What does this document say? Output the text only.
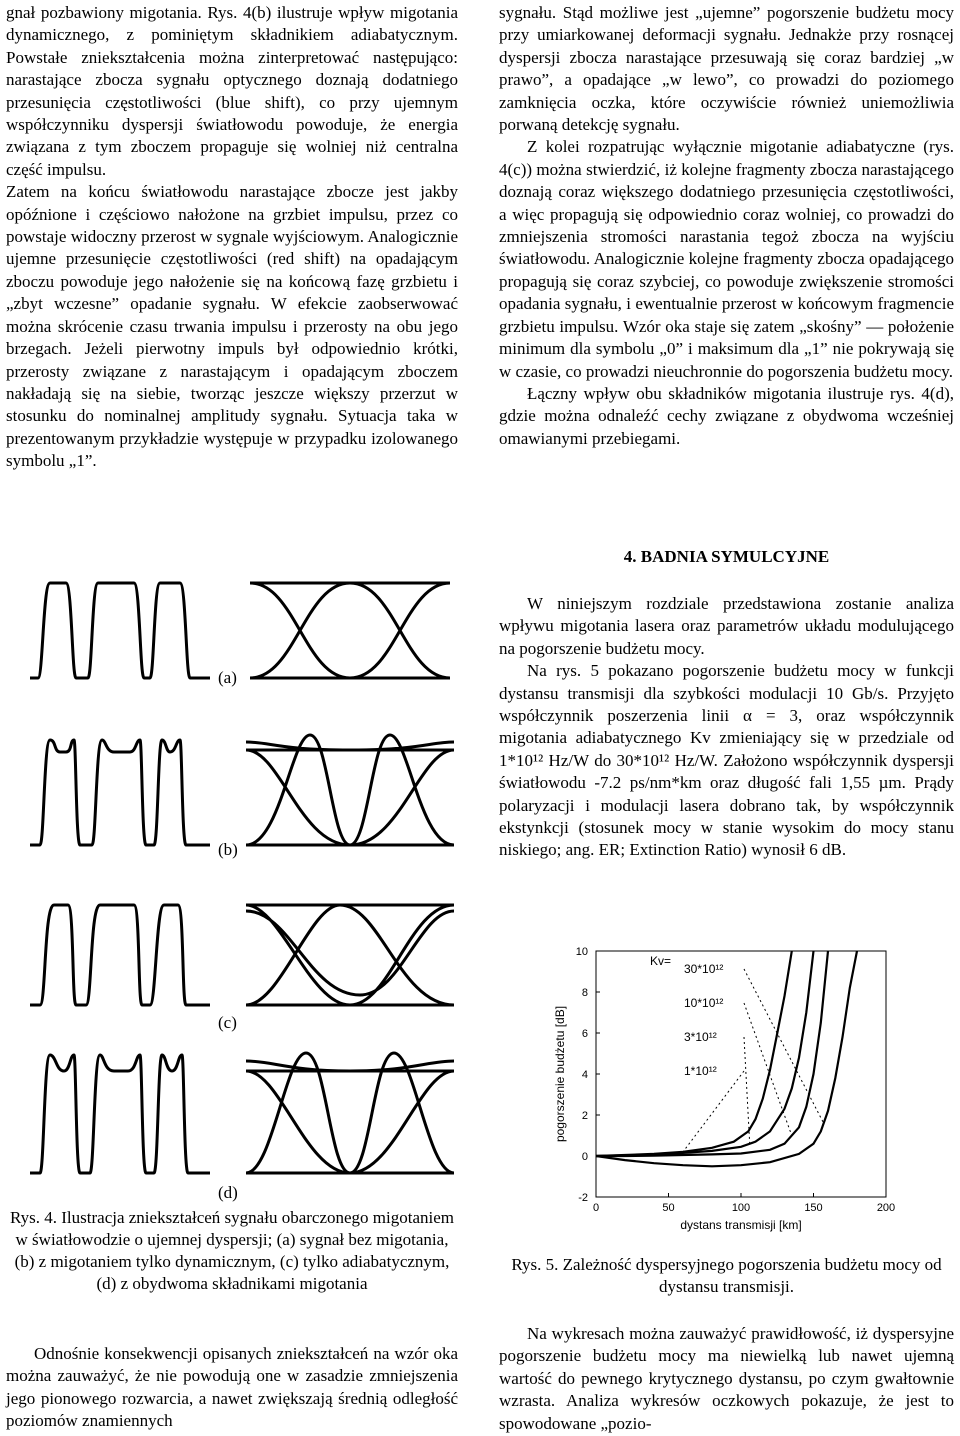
gnał pozbawiony migotania. Rys. 4(b) ilustruje wpływ migotania dynamicznego, z pominiętym składnikiem adiabatycznym. Powstałe zniekształcenia można zinterpretować następująco: narastające zbocza sygnału optycznego doznają dodatniego przesunięcia częstotliwości (blue shift), co przy ujemnym współczynniku dyspersji światłowodu powoduje, że energia związana z tym zboczem propaguje się wolniej niż centralna część impulsu.

Zatem na końcu światłowodu narastające zbocze jest jakby opóźnione i częściowo nałożone na grzbiet impulsu, przez co powstaje widoczny przerost w sygnale wyjściowym. Analogicznie ujemne przesunięcie częstotliwości (red shift) na opadającym zboczu powoduje jego nałożenie się na końcową fazę grzbietu i „zbyt wczesne” opadanie sygnału. W efekcie zaobserwować można skrócenie czasu trwania impulsu i przerosty na obu jego brzegach. Jeżeli pierwotny impuls był odpowiednio krótki, przerosty związane z narastającym i opadającym zboczem nakładają się na siebie, tworząc jeszcze większy przerzut w stosunku do nominalnej amplitudy sygnału. Sytuacja taka w prezentowanym przykładzie występuje w przypadku izolowanego symbolu „1”.

sygnału. Stąd możliwe jest „ujemne” pogorszenie budżetu mocy przy umiarkowanej deformacji sygnału. Jednakże przy rosnącej dyspersji zbocza narastające przesuwają się coraz bardziej „w prawo”, a opadające „w lewo”, co prowadzi do poziomego zamknięcia oczka, które oczywiście również uniemożliwia porwaną detekcję sygnału.

Z kolei rozpatrując wyłącznie migotanie adiabatyczne (rys. 4(c)) można stwierdzić, iż kolejne fragmenty zbocza narastającego doznają coraz większego dodatniego przesunięcia częstotliwości, a więc propagują się odpowiednio coraz wolniej, co prowadzi do zmniejszenia stromości narastania tegoż zbocza na wyjściu światłowodu. Analogicznie kolejne fragmenty zbocza opadającego propagują się coraz szybciej, co powoduje zwiększenie stromości opadania sygnału, i ewentualnie przerost w końcowym fragmencie grzbietu impulsu. Wzór oka staje się zatem „skośny” — położenie minimum dla symbolu „0” i maksimum dla „1” nie pokrywają się w czasie, co prowadzi nieuchronnie do pogorszenia budżetu mocy.

Łączny wpływ obu składników migotania ilustruje rys. 4(d), gdzie można odnaleźć cechy związane z obydwoma wcześniej omawianymi przebiegami.

4. BADNIA SYMULCYJNE

W niniejszym rozdziale przedstawiona zostanie analiza wpływu migotania lasera oraz parametrów układu modulującego na pogorszenie budżetu mocy.

Na rys. 5 pokazano pogorszenie budżetu mocy w funkcji dystansu transmisji dla szybkości modulacji 10 Gb/s. Przyjęto współczynnik poszerzenia linii α = 3, oraz współczynnik migotania adiabatycznego Kv zmieniający się w przedziale od 1*10¹² Hz/W do 30*10¹² Hz/W. Założono współczynnik dyspersji światłowodu -7.2 ps/nm*km oraz długość fali 1,55 µm. Prądy polaryzacji i modulacji lasera dobrano tak, by współczynnik ekstynkcji (stosunek mocy w stanie wysokim do mocy stanu niskiego; ang. ER; Extinction Ratio) wynosił 6 dB.

(a)
(b)
(c)
(d)
Rys. 4. Ilustracja zniekształceń sygnału obarczonego migotaniem w światłowodzie o ujemnej dyspersji; (a) sygnał bez migotania, (b) z migotaniem tylko dynamicznym, (c) tylko adiabatycznym, (d) z obydwoma składnikami migotania

Odnośnie konsekwencji opisanych zniekształceń na wzór oka można zauważyć, że nie powodują one w zasadzie zmniejszenia jego pionowego rozwarcia, a nawet zwiększają średnią odległość poziomów znamiennych

0	50	100	150	200
-2
0
2
4
6
8
10
Kv=
30*10¹²
10*10¹²
3*10¹²
1*10¹²
dystans transmisji [km]
pogorszenie budżetu [dB]
Rys. 5. Zależność dyspersyjnego pogorszenia budżetu mocy od dystansu transmisji.

Na wykresach można zauważyć prawidłowość, iż dyspersyjne pogorszenie budżetu mocy ma niewielką lub nawet ujemną wartość do pewnego krytycznego dystansu, po czym gwałtownie wzrasta. Analiza wykresów oczkowych pokazuje, że jest to spowodowane „pozio-
